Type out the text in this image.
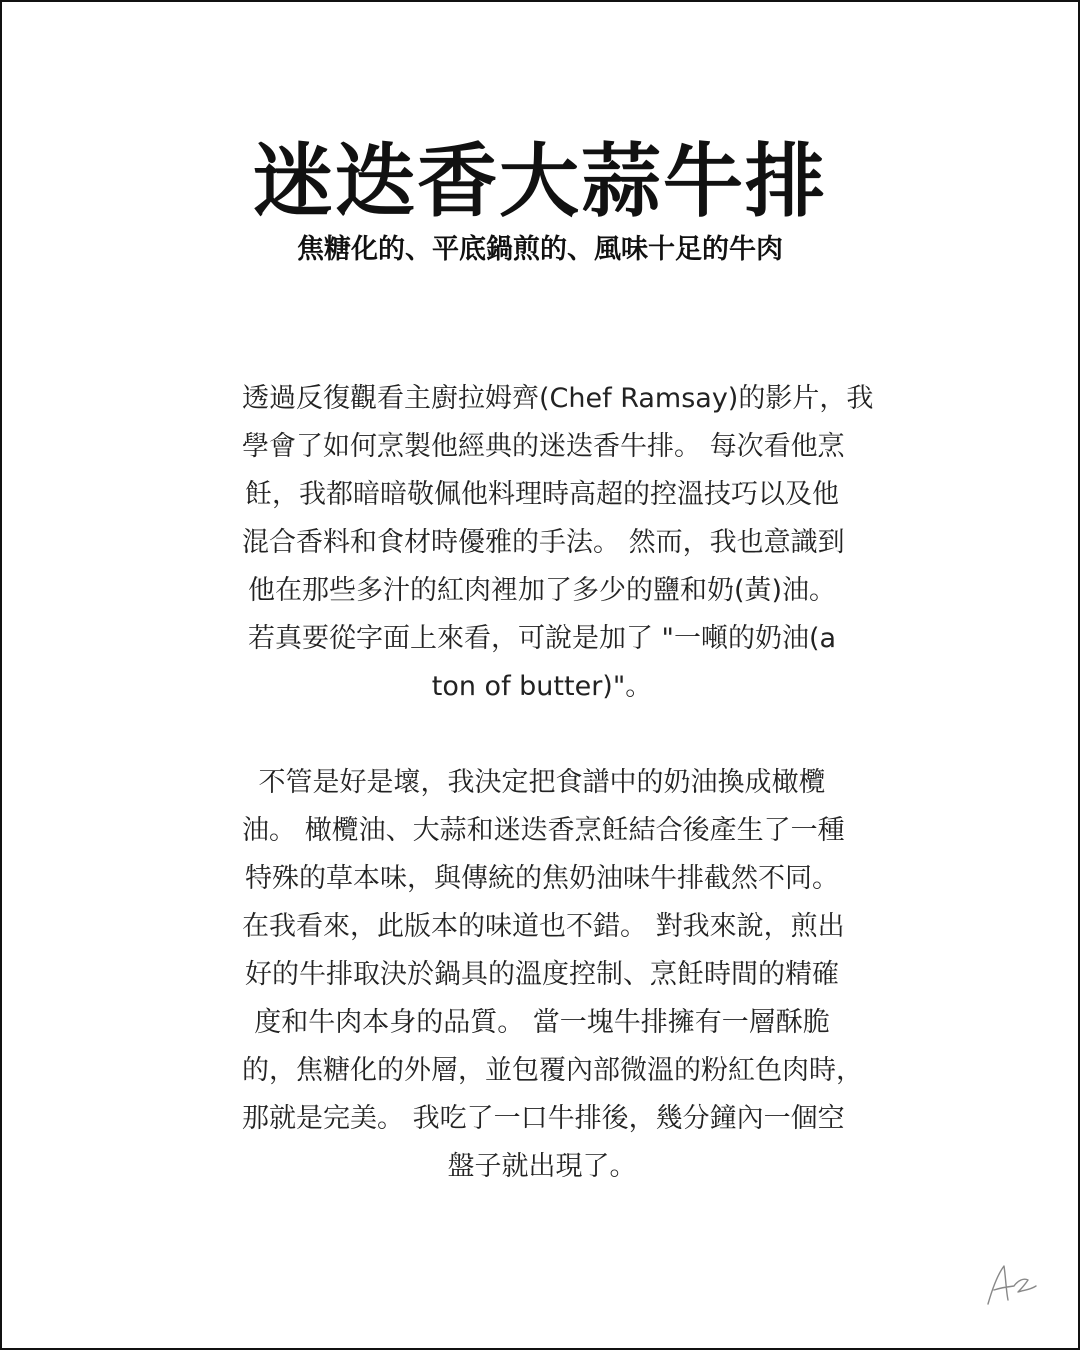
迷迭香大蒜牛排
焦糖化的、平底鍋煎的、風味十足的牛肉

透過反復觀看主廚拉姆齊(Chef Ramsay)的影片，我
學會了如何烹製他經典的迷迭香牛排。 每次看他烹
飪，我都暗暗敬佩他料理時高超的控溫技巧以及他
混合香料和食材時優雅的手法。 然而，我也意識到
他在那些多汁的紅肉裡加了多少的鹽和奶(黃)油。
若真要從字面上來看，可說是加了 "一噸的奶油(a
ton of butter)"。

不管是好是壞，我決定把食譜中的奶油換成橄欖
油。 橄欖油、大蒜和迷迭香烹飪結合後產生了一種
特殊的草本味，與傳統的焦奶油味牛排截然不同。
在我看來，此版本的味道也不錯。 對我來說，煎出
好的牛排取決於鍋具的溫度控制、烹飪時間的精確
度和牛肉本身的品質。 當一塊牛排擁有一層酥脆
的，焦糖化的外層，並包覆內部微溫的粉紅色肉時，
那就是完美。 我吃了一口牛排後，幾分鐘內一個空
盤子就出現了。
